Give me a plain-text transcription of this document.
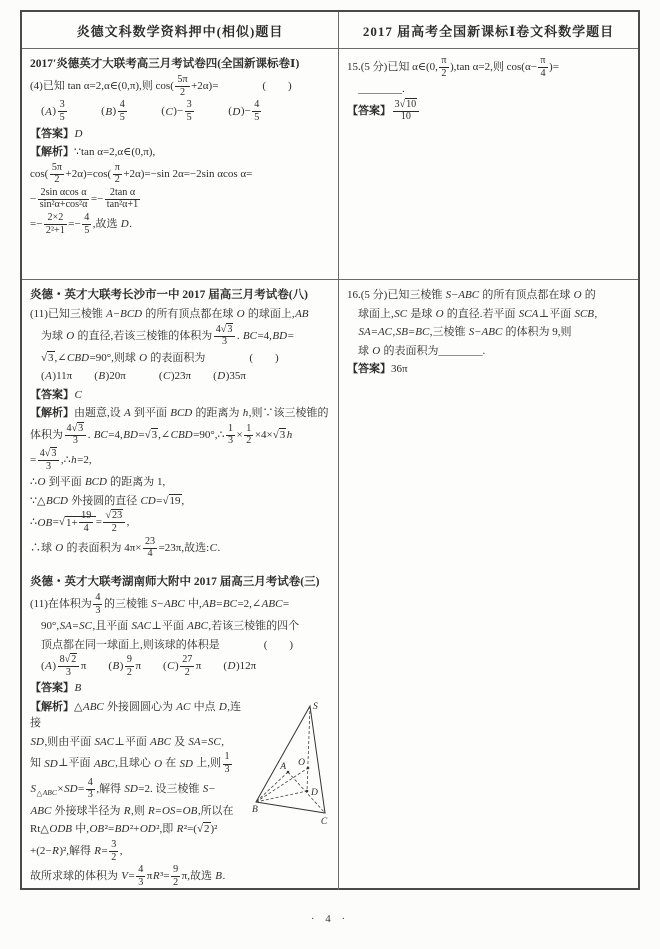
炎德文科数学资料押中(相似)题目	2017 届高考全国新课标Ⅰ卷文科数学题目
2017′炎德英才大联考高三月考试卷四(全国新课标卷Ⅰ)
(4)已知 tan α=2,α∈(0,π),则 $\cos( \frac{5\pi}{2} +2\alpha)=$　　　　(　　)
　$(A) \frac{3}{5}$ 　　　$(B) \frac{4}{5}$ 　　　$(C)- \frac{3}{5}$ 　　　$(D)- \frac{4}{5}$
【答案】D
【解析】∵tan α=2,α∈(0,π),
$\cos( \frac{5\pi}{2} +2\alpha)=\cos( \frac{\pi}{2} +2\alpha)=-\sin$ 2α=−2sin αcos α=
− $\frac{\text{2sin αcos α}}{\text{sin²α+cos²α}} =- \frac{\text{2tan α}}{\text{tan²α+1}}$
=− $\frac{2\times 2}{\text{2²+1}} =- \frac{4}{5}$ ,故选 D.
15.(5 分)已知 α∈(0, $\frac{\pi}{2} ),\tan$ α=2,则 $\cos(\alpha- \frac{\pi}{4}$ )=
　________.
【答案】 $\frac{3√10}{10}$
炎德・英才大联考长沙市一中 2017 届高三月考试卷(八)
(11)已知三棱锥 A−BCD 的所有顶点都在球 O 的球面上,AB
　为球 O 的直径,若该三棱锥的体积为 $\frac{4√3}{3}$ . BC=4,BD=
　√3,∠CBD=90°,则球 O 的表面积为　　　　(　　)
　(A)11π　　(B)20π　　　(C)23π　　(D)35π
【答案】C
【解析】由题意,设 A 到平面 BCD 的距离为 h,则∵该三棱锥的
体积为 $\frac{4√3}{3}$ . BC=4,BD=√3,∠CBD=90°,∴ $\frac{1}{3} \times \frac{1}{2} \times 4\times√3$ h
= $\frac{4√3}{3}$ ,∴h=2,
∴O 到平面 BCD 的距离为 1,
∵△BCD 外接圆的直径 CD=√19,
∴OB=√1+ $\frac{19}{4} = \frac{√23}{2}$ ,
∴球 O 的表面积为 $4\pi\times \frac{23}{4} =23\pi$,故选:C.
炎德・英才大联考湖南师大附中 2017 届高三月考试卷(三)
(11)在体积为 $\frac{4}{3}$ 的三棱锥 S−ABC 中,AB=BC=2,∠ABC=
　90°,SA=SC,且平面 SAC⊥平面 ABC,若该三棱锥的四个
　顶点都在同一球面上,则该球的体积是　　　　(　　)
　$(A) \frac{8√2}{3}$ π　　$(B) \frac{9}{2}$ π　　$(C) \frac{27}{2}$ π　　(D)12π
【答案】B
S
A O
D
B
C
【解析】△ABC 外接圆圆心为 AC 中点 D,连接
SD,则由平面 SAC⊥平面 ABC 及 SA=SC,
知 SD⊥平面 ABC,且球心 O 在 SD 上,则 $\frac{1}{3}$
$S_{\triangle ABC}\times SD= \frac{4}{3}$ ,解得 SD=2. 设三棱锥 S−
ABC 外接球半径为 R,则 R=OS=OB,所以在
Rt△ODB 中,OB²=BD²+OD²,即 R²=(√2)²
+(2−R)²,解得 $R= \frac{3}{2}$ ,
故所求球的体积为 $V= \frac{4}{3} \pi R^3= \frac{9}{2} \pi$,故选 B.
16.(5 分)已知三棱锥 S−ABC 的所有顶点都在球 O 的
　球面上,SC 是球 O 的直径.若平面 SCA⊥平面 SCB,
　SA=AC,SB=BC,三棱锥 S−ABC 的体积为 9,则
　球 O 的表面积为________.
【答案】36π
· 4 ·
